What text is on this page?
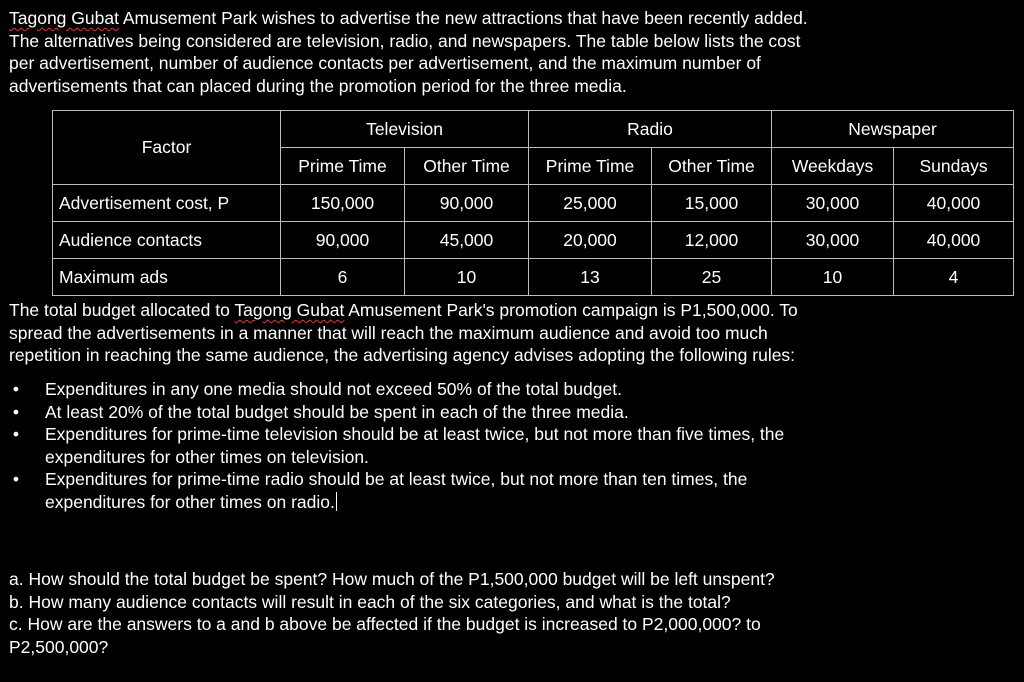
Tagong Gubat Amusement Park wishes to advertise the new attractions that have been recently added.
The alternatives being considered are television, radio, and newspapers. The table below lists the cost
per advertisement, number of audience contacts per advertisement, and the maximum number of
advertisements that can placed during the promotion period for the three media.
Factor	Television		Radio		Newspaper	
	Prime Time	Other Time	Prime Time	Other Time	Weekdays	Sundays
Advertisement cost, P	150,000	90,000	25,000	15,000	30,000	40,000
Audience contacts	90,000	45,000	20,000	12,000	30,000	40,000
Maximum ads	6	10	13	25	10	4
The total budget allocated to Tagong Gubat Amusement Park's promotion campaign is P1,500,000. To
spread the advertisements in a manner that will reach the maximum audience and avoid too much
repetition in reaching the same audience, the advertising agency advises adopting the following rules:
• Expenditures in any one media should not exceed 50% of the total budget.
• At least 20% of the total budget should be spent in each of the three media.
• Expenditures for prime-time television should be at least twice, but not more than five times, the
expenditures for other times on television.
• Expenditures for prime-time radio should be at least twice, but not more than ten times, the
expenditures for other times on radio.
a. How should the total budget be spent? How much of the P1,500,000 budget will be left unspent?
b. How many audience contacts will result in each of the six categories, and what is the total?
c. How are the answers to a and b above be affected if the budget is increased to P2,000,000? to
P2,500,000?
